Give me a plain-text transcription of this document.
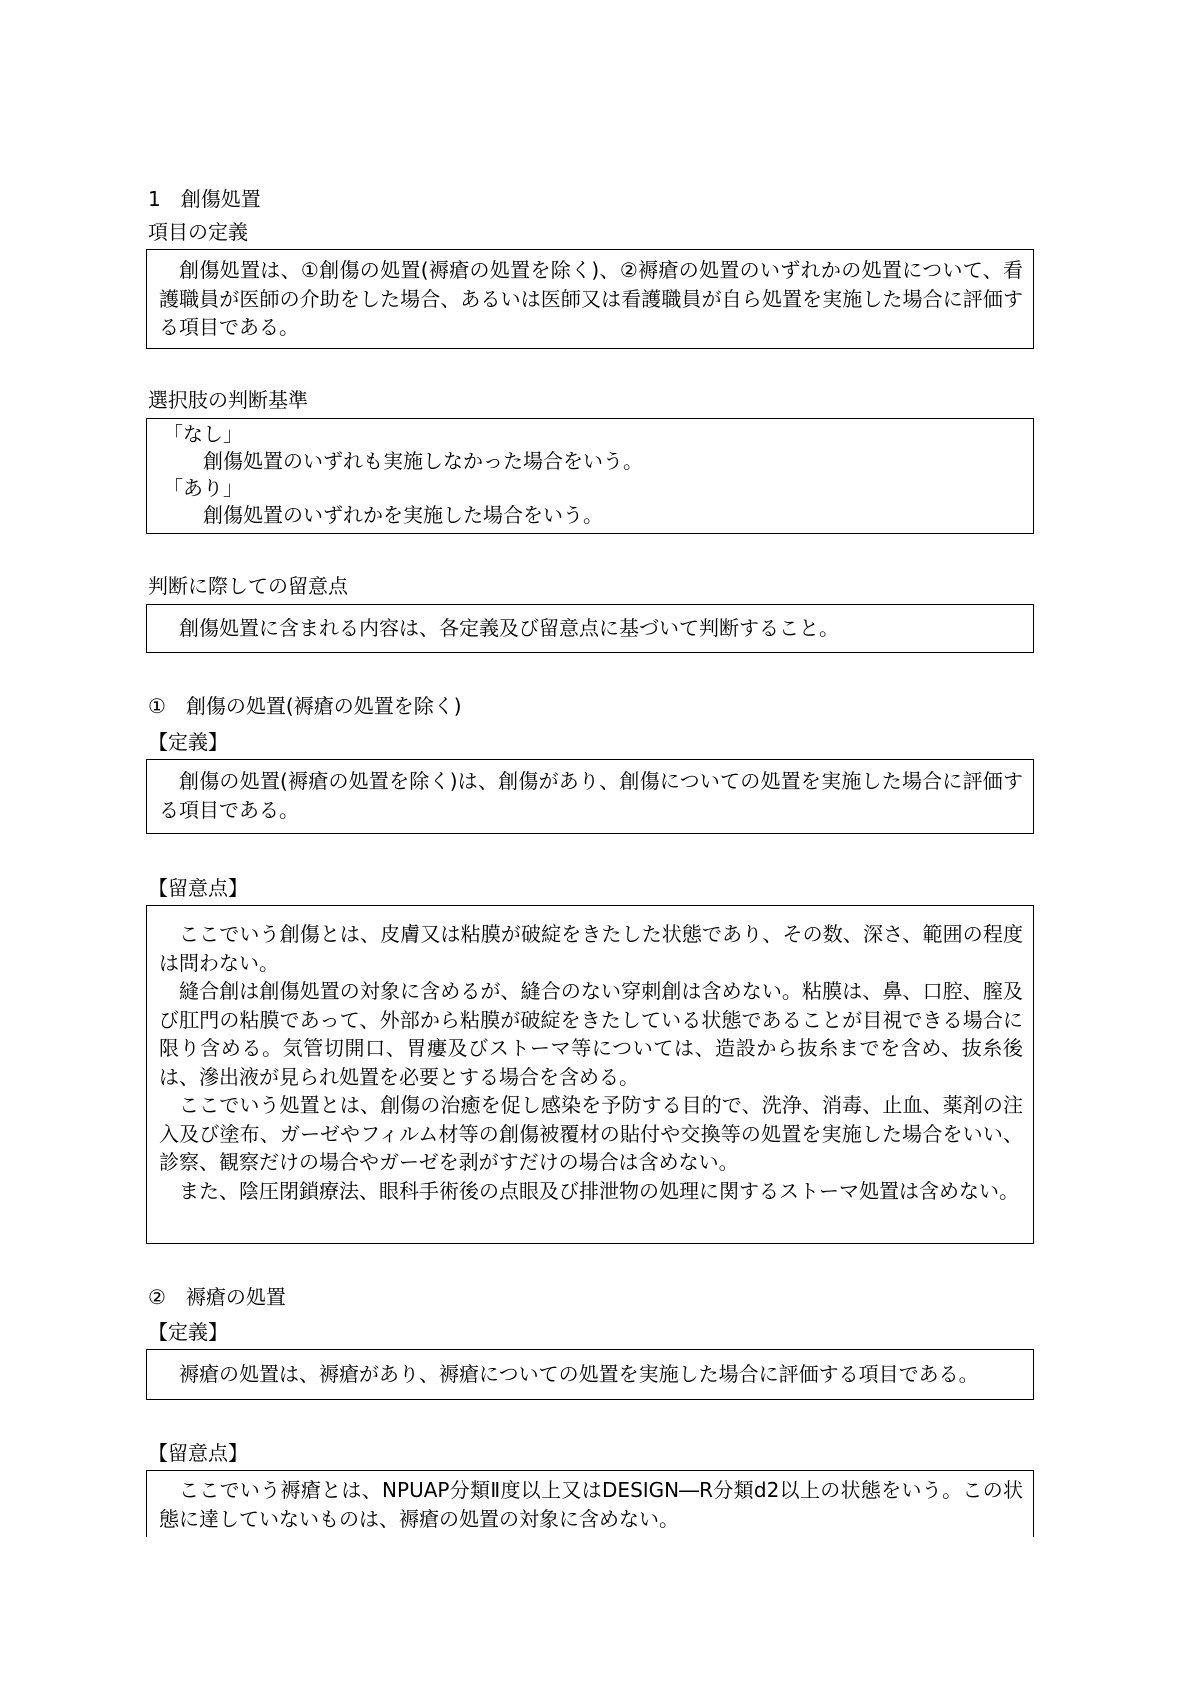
1　創傷処置
項目の定義
創傷処置は、①創傷の処置(褥瘡の処置を除く)、②褥瘡の処置のいずれかの処置について、看護職員が医師の介助をした場合、あるいは医師又は看護職員が自ら処置を実施した場合に評価する項目である。
選択肢の判断基準
「なし」
創傷処置のいずれも実施しなかった場合をいう。
「あり」
創傷処置のいずれかを実施した場合をいう。
判断に際しての留意点
創傷処置に含まれる内容は、各定義及び留意点に基づいて判断すること。
①　創傷の処置(褥瘡の処置を除く)
【定義】
創傷の処置(褥瘡の処置を除く)は、創傷があり、創傷についての処置を実施した場合に評価する項目である。
【留意点】
ここでいう創傷とは、皮膚又は粘膜が破綻をきたした状態であり、その数、深さ、範囲の程度は問わない。
縫合創は創傷処置の対象に含めるが、縫合のない穿刺創は含めない。粘膜は、鼻、口腔、膣及び肛門の粘膜であって、外部から粘膜が破綻をきたしている状態であることが目視できる場合に限り含める。気管切開口、胃瘻及びストーマ等については、造設から抜糸までを含め、抜糸後は、滲出液が見られ処置を必要とする場合を含める。
ここでいう処置とは、創傷の治癒を促し感染を予防する目的で、洗浄、消毒、止血、薬剤の注入及び塗布、ガーゼやフィルム材等の創傷被覆材の貼付や交換等の処置を実施した場合をいい、診察、観察だけの場合やガーゼを剥がすだけの場合は含めない。
また、陰圧閉鎖療法、眼科手術後の点眼及び排泄物の処理に関するストーマ処置は含めない。
②　褥瘡の処置
【定義】
褥瘡の処置は、褥瘡があり、褥瘡についての処置を実施した場合に評価する項目である。
【留意点】
ここでいう褥瘡とは、NPUAP分類Ⅱ度以上又はDESIGN―R分類d2以上の状態をいう。この状態に達していないものは、褥瘡の処置の対象に含めない。
